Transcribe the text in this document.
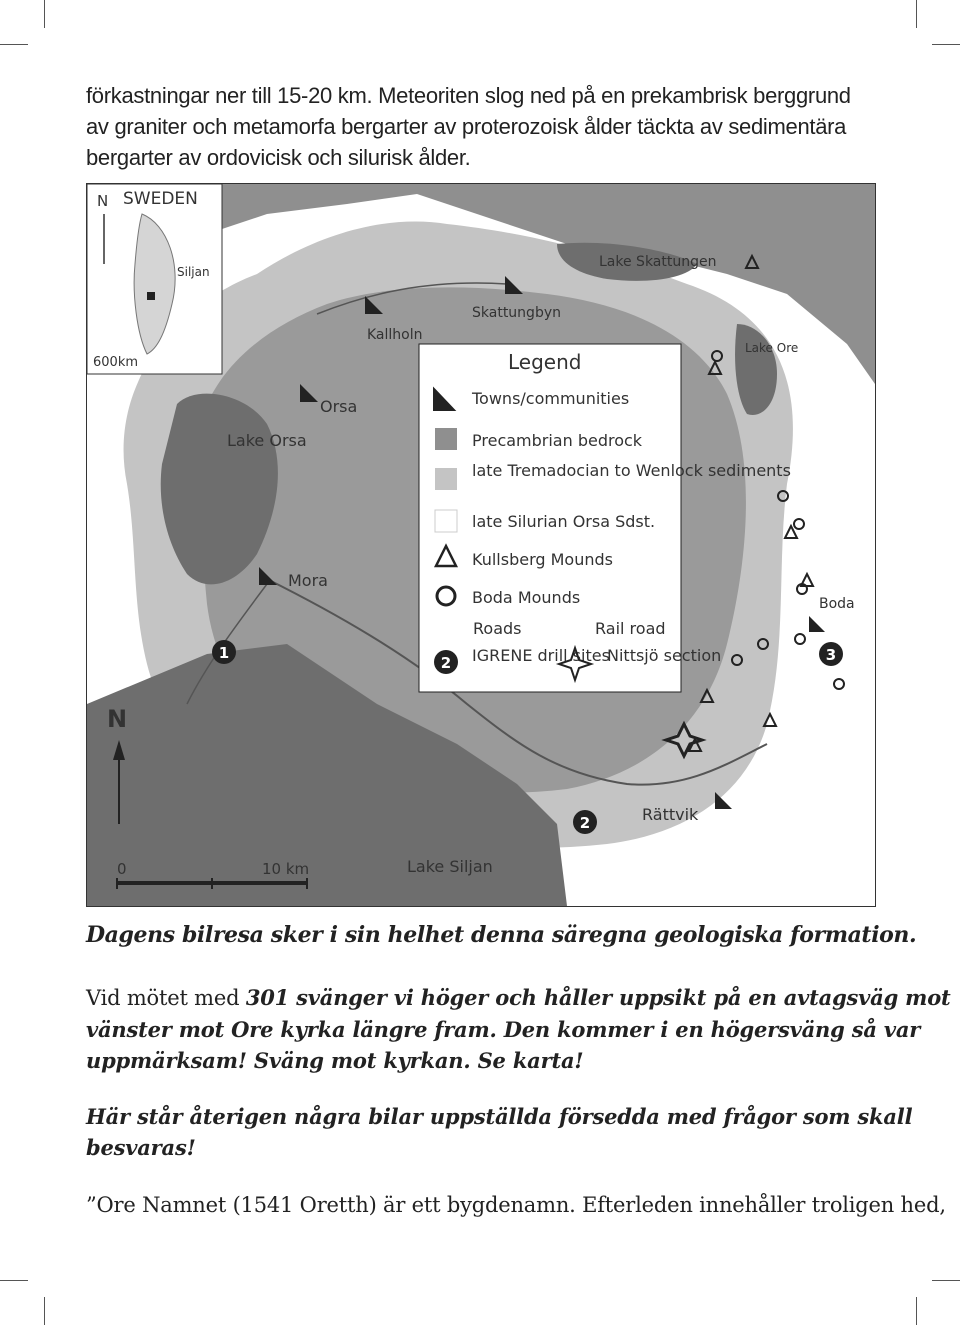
förkastningar ner till 15-20 km. Meteoriten slog ned på en prekambrisk berggrund
av graniter och metamorfa bergarter av proterozoisk ålder täckta av sedimentära
bergarter av ordovicisk och silurisk ålder.
N SWEDEN
Siljan
600km	Legend
Towns/communities
Precambrian bedrock
late Tremadocian to Wenlock sediments
late Silurian Orsa Sdst.
Kullsberg Mounds
Boda Mounds
Roads	Rail road
2 IGRENE drill sites
Nittsjö section
Lake Skattungen
Skattungbyn
Kallholn
Lake Ore
Orsa
Lake Orsa
Mora
Boda
Rättvik
Lake Siljan
1
2
3
N
0	10 km
Dagens bilresa sker i sin helhet denna säregna geologiska formation.
Vid mötet med 301 svänger vi höger och håller uppsikt på en avtagsväg mot
vänster mot Ore kyrka längre fram. Den kommer i en högersväng så var
uppmärksam! Sväng mot kyrkan. Se karta!
Här står återigen några bilar uppställda försedda med frågor som skall
besvaras!
”Ore Namnet (1541 Oretth) är ett bygdenamn. Efterleden innehåller troligen hed,
